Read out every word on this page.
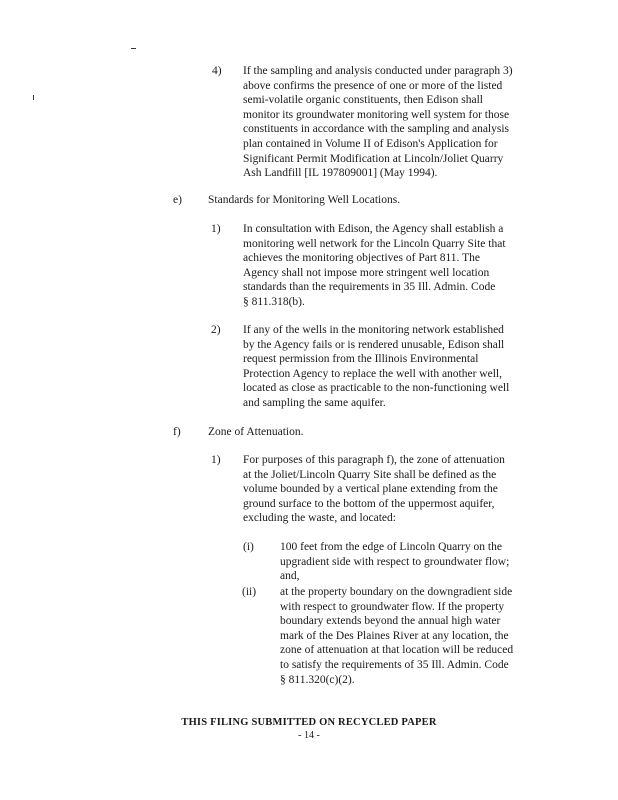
4) If the sampling and analysis conducted under paragraph 3)
above confirms the presence of one or more of the listed
semi-volatile organic constituents, then Edison shall
monitor its groundwater monitoring well system for those
constituents in accordance with the sampling and analysis
plan contained in Volume II of Edison's Application for
Significant Permit Modification at Lincoln/Joliet Quarry
Ash Landfill [IL 197809001] (May 1994).
e) Standards for Monitoring Well Locations.
1) In consultation with Edison, the Agency shall establish a
monitoring well network for the Lincoln Quarry Site that
achieves the monitoring objectives of Part 811. The
Agency shall not impose more stringent well location
standards than the requirements in 35 Ill. Admin. Code
§ 811.318(b).
2) If any of the wells in the monitoring network established
by the Agency fails or is rendered unusable, Edison shall
request permission from the Illinois Environmental
Protection Agency to replace the well with another well,
located as close as practicable to the non-functioning well
and sampling the same aquifer.
f) Zone of Attenuation.
1) For purposes of this paragraph f), the zone of attenuation
at the Joliet/Lincoln Quarry Site shall be defined as the
volume bounded by a vertical plane extending from the
ground surface to the bottom of the uppermost aquifer,
excluding the waste, and located:
(i) 100 feet from the edge of Lincoln Quarry on the
upgradient side with respect to groundwater flow;
and,
(ii) at the property boundary on the downgradient side
with respect to groundwater flow. If the property
boundary extends beyond the annual high water
mark of the Des Plaines River at any location, the
zone of attenuation at that location will be reduced
to satisfy the requirements of 35 Ill. Admin. Code
§ 811.320(c)(2).
THIS FILING SUBMITTED ON RECYCLED PAPER
- 14 -
